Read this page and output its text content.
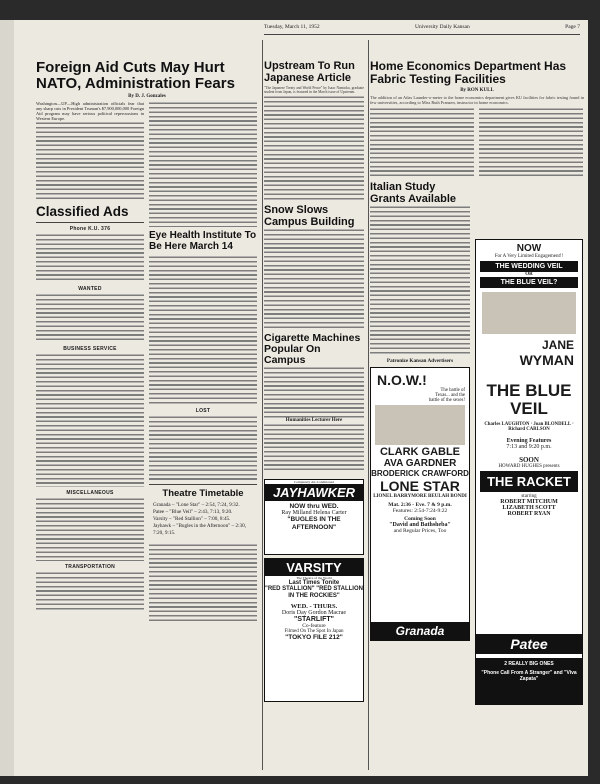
Tuesday, March 11, 1952	University Daily Kansan	Page 7
Foreign Aid Cuts May Hurt NATO, Administration Fears
By D. J. Gonzales

Washington—UP—High administration officials fear that any sharp cuts in President Truman's $7,900,000,000 Foreign Aid program may have serious political repercussions in Western Europe.

Classified Ads
Phone K.U. 376

WANTED

BUSINESS SERVICE

MISCELLANEOUS

TRANSPORTATION

Eye Health Institute To Be Here March 14

LOST

Theatre Timetable
Granada – "Lone Star" – 2:54, 7:24, 9:32.
Patee – "Blue Veil" – 2:43, 7:13, 9:20.
Varsity – "Red Stallion" – 7:00, 8:45.
Jayhawk – "Bugles in the Afternoon" – 2:30, 7:20, 9:15.

Upstream To Run Japanese Article

"The Japanese Treaty and World Peace" by Isaac Namioka, graduate student from Japan, is featured in the March issue of Upstream.

Snow Slows Campus Building

Cigarette Machines Popular On Campus

Humanities Lecturer Here

Completely Air-Conditioned
JAYHAWKER
NOW thru WED.
Ray Milland Helena Carter
"BUGLES IN THE AFTERNOON"
VARSITY
The Theatre of the World
Last Times Tonite
"RED STALLION" "RED STALLION IN THE ROCKIES"
WED. - THURS.
Doris Day Gordon Macrae
"STARLIFT"
Co-feature
Filmed On The Spot In Japan
"TOKYO FILE 212"
Home Economics Department Has Fabric Testing Facilities
By RON KULL

The addition of an Atlas Launder-o-meter to the home economics department gives KU facilities for fabric testing found in few universities, according to Miss Ruth Franzen, instructor in home economics.

Italian Study Grants Available

Patronize Kansan Advertisers
N.O.W.!
The battle of Texas... and the battle of the sexes!
CLARK GABLE
AVA GARDNER
BRODERICK CRAWFORD
LONE STAR
LIONEL BARRYMORE BEULAH BONDI
Mat. 2:36 - Eve. 7 & 9 p.m.
Features: 2:54-7:24-9:22
Coming Soon
"David and Bathsheba"
and Regular Prices, Too
Granada
NOW
For A Very Limited Engagement!!
THE WEDDING VEIL
OR
THE BLUE VEIL?
JANE
WYMAN
THE BLUE VEIL
Charles LAUGHTON · Joan BLONDELL · Richard CARLSON
Evening Features
7:13 and 9:20 p.m.
SOON
HOWARD HUGHES presents
THE RACKET
starring
ROBERT MITCHUM
LIZABETH SCOTT
ROBERT RYAN
Patee
2 REALLY BIG ONES
"Phone Call From A Stranger" and "Viva Zapata"
